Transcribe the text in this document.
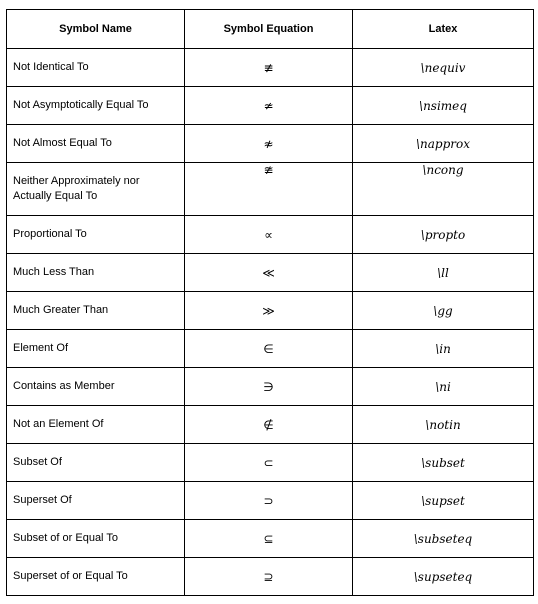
Symbol Name	Symbol Equation	Latex
Not Identical To	≢	\nequiv
Not Asymptotically Equal To	≄	\nsimeq
Not Almost Equal To	≉	\napprox
Neither Approximately nor Actually Equal To	≇	\ncong
Proportional To	∝	\propto
Much Less Than	≪	\ll
Much Greater Than	≫	\gg
Element Of	∈	\in
Contains as Member	∋	\ni
Not an Element Of	∉	\notin
Subset Of	⊂	\subset
Superset Of	⊃	\supset
Subset of or Equal To	⊆	\subseteq
Superset of or Equal To	⊇	\supseteq
